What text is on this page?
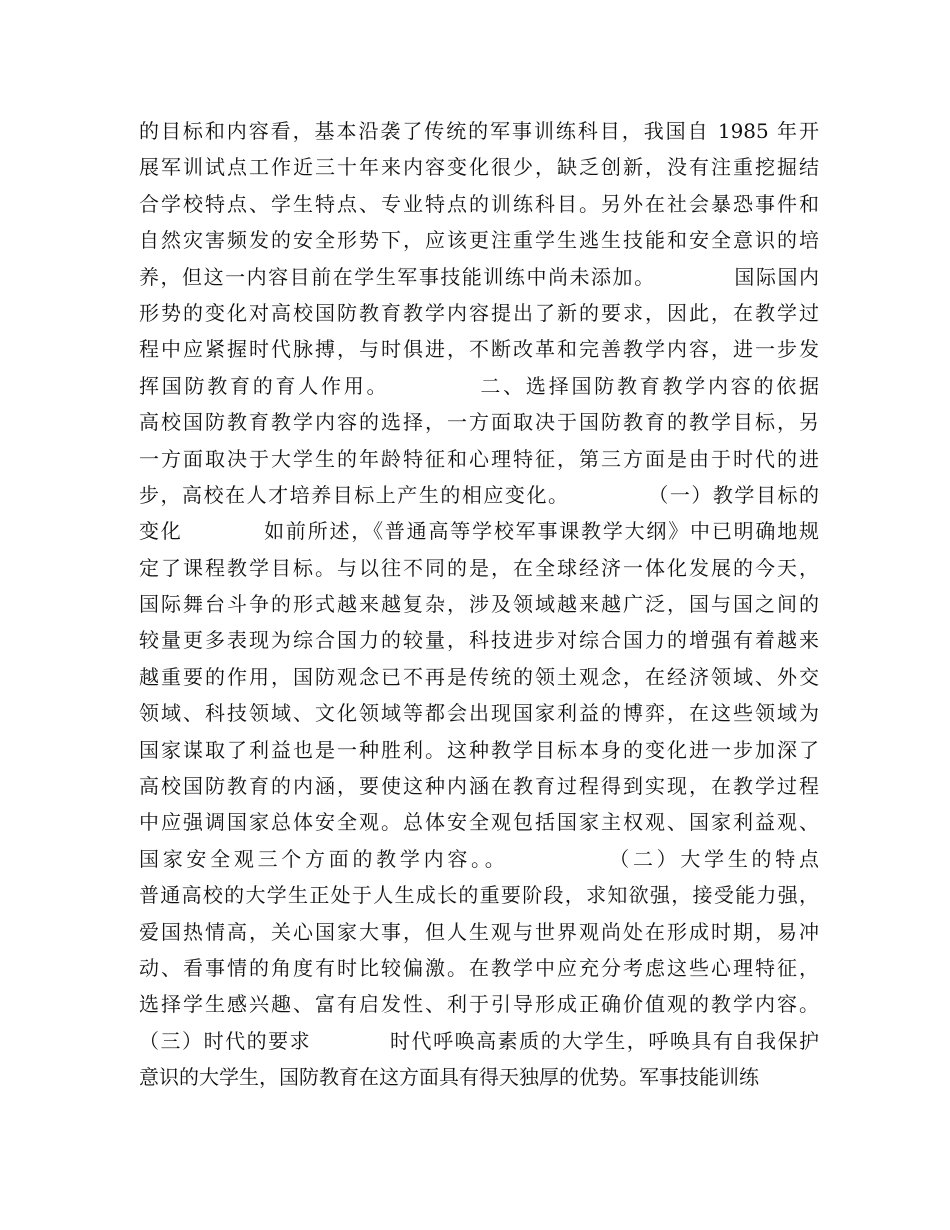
的目标和内容看，基本沿袭了传统的军事训练科目，我国自 1985 年开
展军训试点工作近三十年来内容变化很少，缺乏创新，没有注重挖掘结
合学校特点、学生特点、专业特点的训练科目。另外在社会暴恐事件和
自然灾害频发的安全形势下，应该更注重学生逃生技能和安全意识的培
养，但这一内容目前在学生军事技能训练中尚未添加。          国际国内
形势的变化对高校国防教育教学内容提出了新的要求，因此，在教学过
程中应紧握时代脉搏，与时俱进，不断改革和完善教学内容，进一步发
挥国防教育的育人作用。          二、选择国防教育教学内容的依据
高校国防教育教学内容的选择，一方面取决于国防教育的教学目标，另
一方面取决于大学生的年龄特征和心理特征，第三方面是由于时代的进
步，高校在人才培养目标上产生的相应变化。          （一）教学目标的
变化          如前所述，《普通高等学校军事课教学大纲》中已明确地规
定了课程教学目标。与以往不同的是，在全球经济一体化发展的今天，
国际舞台斗争的形式越来越复杂，涉及领域越来越广泛，国与国之间的
较量更多表现为综合国力的较量，科技进步对综合国力的增强有着越来
越重要的作用，国防观念已不再是传统的领土观念，在经济领域、外交
领域、科技领域、文化领域等都会出现国家利益的博弈，在这些领域为
国家谋取了利益也是一种胜利。这种教学目标本身的变化进一步加深了
高校国防教育的内涵，要使这种内涵在教育过程得到实现，在教学过程
中应强调国家总体安全观。总体安全观包括国家主权观、国家利益观、
国家安全观三个方面的教学内容。。          （二）大学生的特点
普通高校的大学生正处于人生成长的重要阶段，求知欲强，接受能力强，
爱国热情高，关心国家大事，但人生观与世界观尚处在形成时期，易冲
动、看事情的角度有时比较偏激。在教学中应充分考虑这些心理特征，
选择学生感兴趣、富有启发性、利于引导形成正确价值观的教学内容。
（三）时代的要求          时代呼唤高素质的大学生，呼唤具有自我保护
意识的大学生，国防教育在这方面具有得天独厚的优势。军事技能训练
